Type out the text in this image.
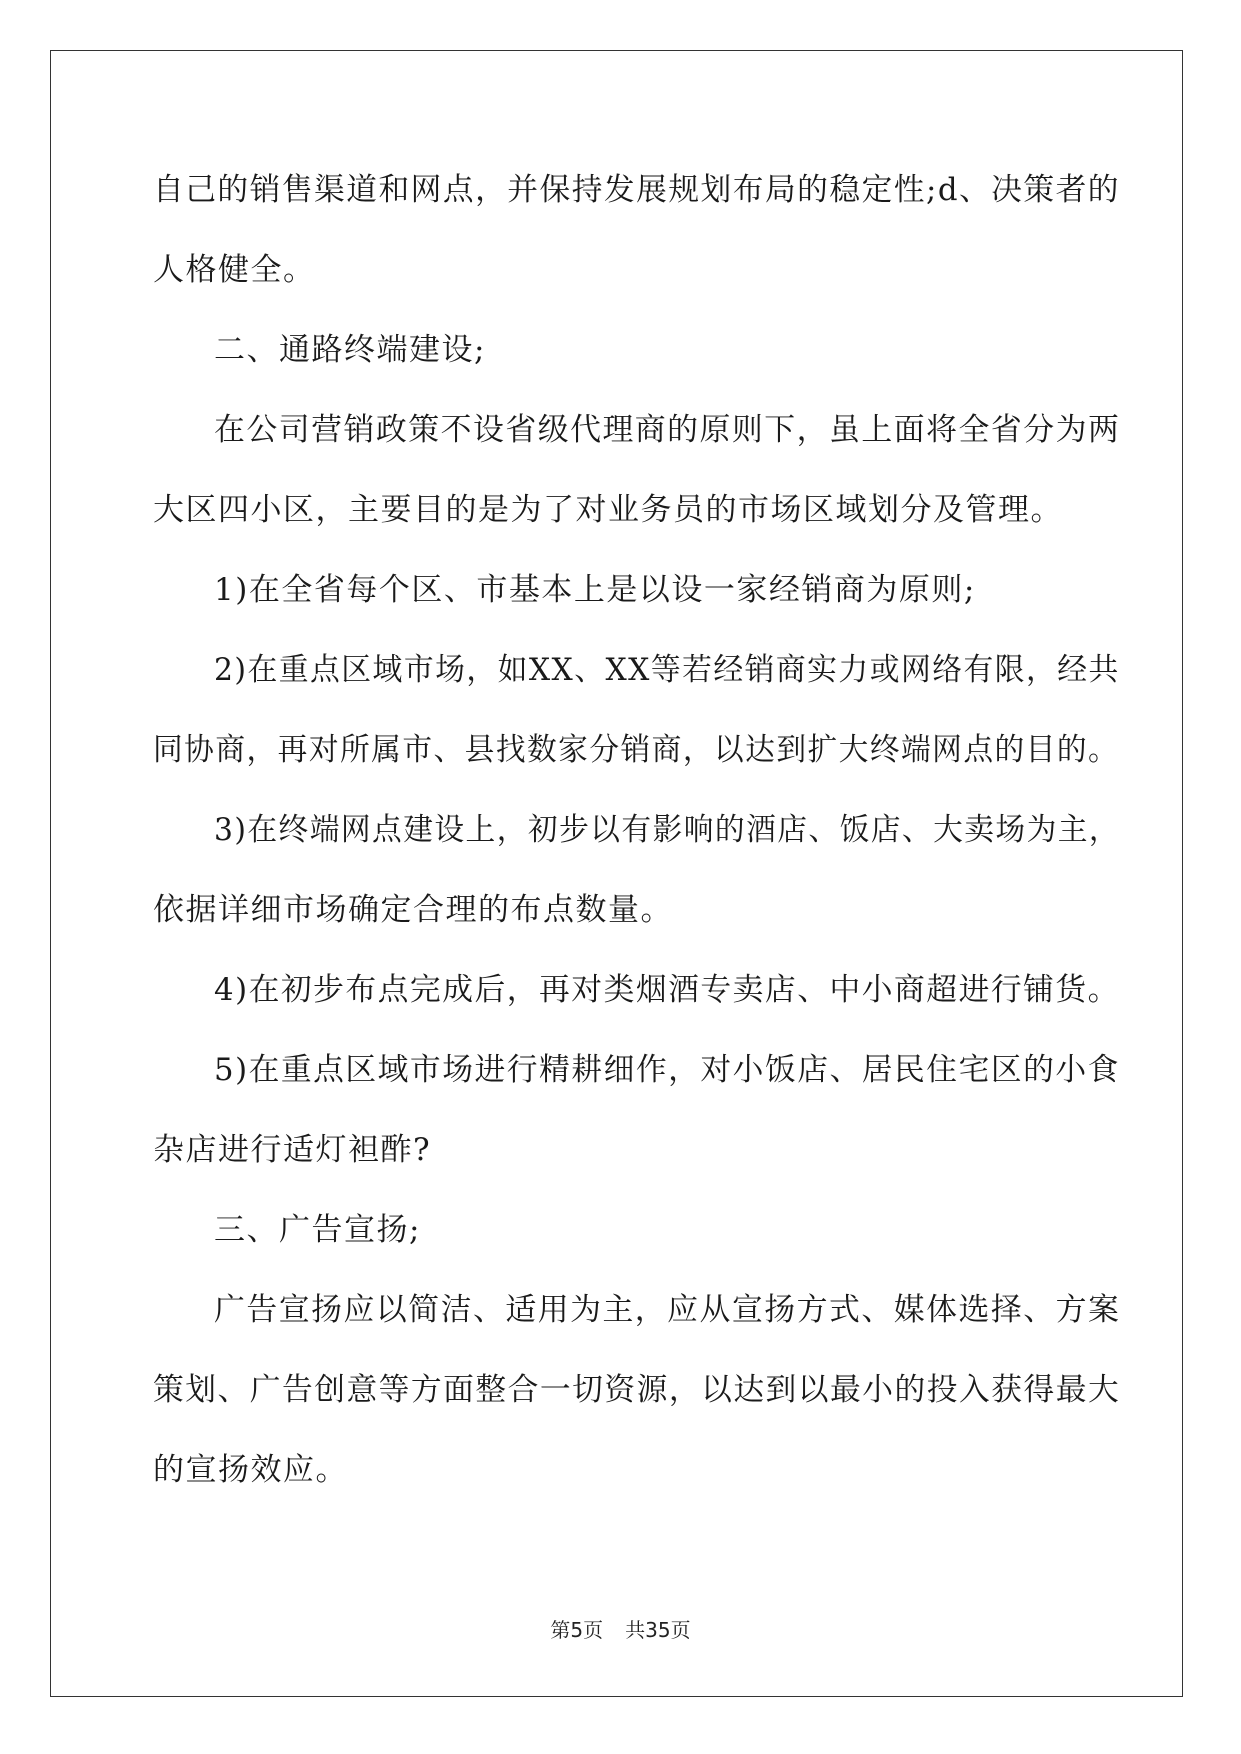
自己的销售渠道和网点，并保持发展规划布局的稳定性;d、决策者的
人格健全。
二、通路终端建设;
在公司营销政策不设省级代理商的原则下，虽上面将全省分为两
大区四小区，主要目的是为了对业务员的市场区域划分及管理。
1)在全省每个区、市基本上是以设一家经销商为原则;
2)在重点区域市场，如XX、XX等若经销商实力或网络有限，经共
同协商，再对所属市、县找数家分销商，以达到扩大终端网点的目的。
3)在终端网点建设上，初步以有影响的酒店、饭店、大卖场为主，
依据详细市场确定合理的布点数量。
4)在初步布点完成后，再对类烟酒专卖店、中小商超进行铺货。
5)在重点区域市场进行精耕细作，对小饭店、居民住宅区的小食
杂店进行适灯袒酢?
三、广告宣扬;
广告宣扬应以简洁、适用为主，应从宣扬方式、媒体选择、方案
策划、广告创意等方面整合一切资源，以达到以最小的投入获得最大
的宣扬效应。
第5页 共35页
